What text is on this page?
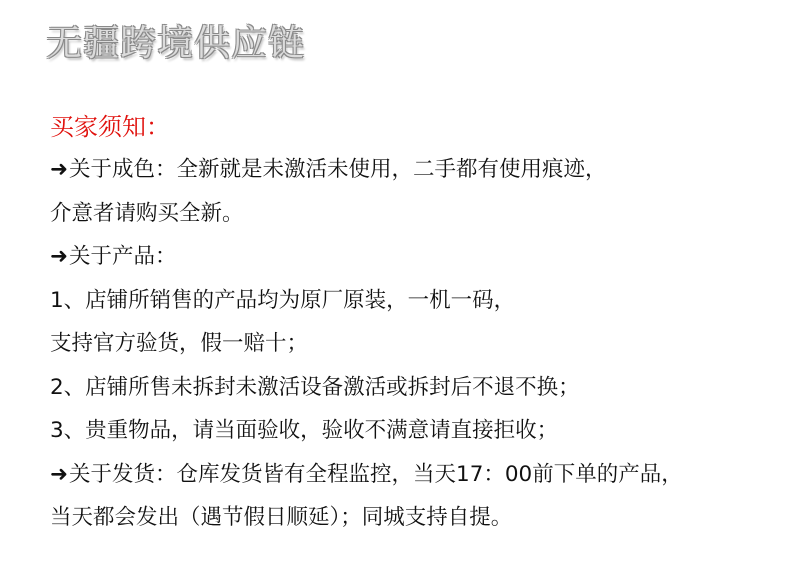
无疆跨境供应链
买家须知：

➜关于成色：全新就是未激活未使用，二手都有使用痕迹，

介意者请购买全新。

➜关于产品：

1、店铺所销售的产品均为原厂原装，一机一码，

支持官方验货，假一赔十；

2、店铺所售未拆封未激活设备激活或拆封后不退不换；

3、贵重物品，请当面验收，验收不满意请直接拒收；

➜关于发货：仓库发货皆有全程监控，当天17：00前下单的产品，

当天都会发出（遇节假日顺延）；同城支持自提。
